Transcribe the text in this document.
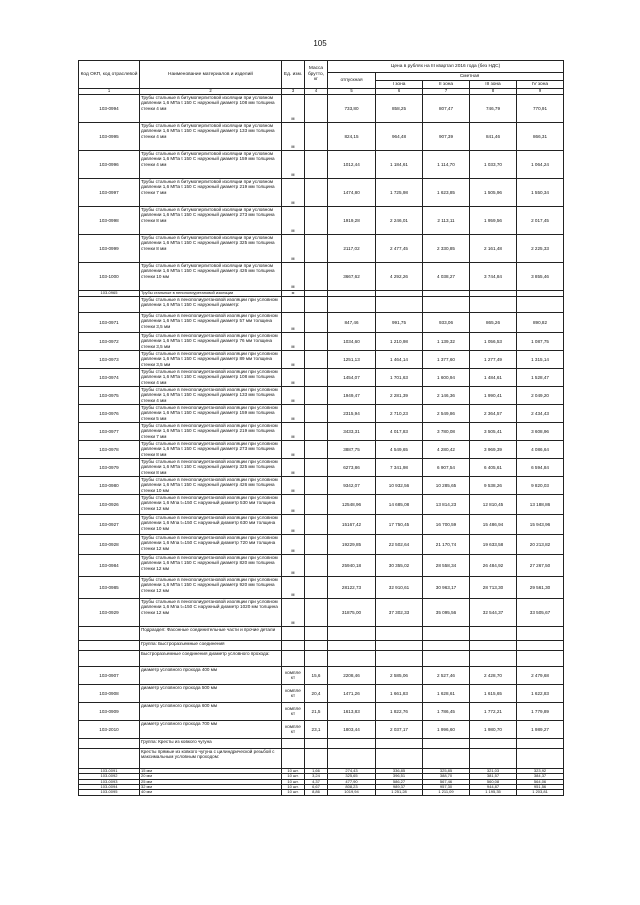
105
Код ОКП, код отраслевой	Наименование материалов и изделий	Ед. изм.	Масса брутто, кг	Цена в рублях на III квартал 2016 года (без НДС)				
				отпускная	Сметная			
					I зона	II зона	III зона	IV зона
1	2	3	4	5	6	7	8	9
103-0994	Трубы стальные в битумоперлитовой изоляции при условном давлении 1,6 МПа t 150 С наружный диаметр 108 мм толщина стенки 4 мм	м		733,80	858,25	807,47	746,79	770,91
103-0995	Трубы стальные в битумоперлитовой изоляции при условном давлении 1,6 МПа t 150 С наружный диаметр 133 мм толщина стенки 4 мм	м		824,15	964,48	907,39	841,46	866,31
103-0996	Трубы стальные в битумоперлитовой изоляции при условном давлении 1,6 МПа t 150 С наружный диаметр 159 мм толщина стенки 4 мм	м		1012,44	1 184,61	1 114,70	1 033,70	1 064,24
103-0997	Трубы стальные в битумоперлитовой изоляции при условном давлении 1,6 МПа t 150 С наружный диаметр 219 мм толщина стенки 7 мм	м		1474,80	1 725,98	1 623,85	1 505,96	1 550,34
103-0998	Трубы стальные в битумоперлитовой изоляции при условном давлении 1,6 МПа t 150 С наружный диаметр 273 мм толщина стенки 8 мм	м		1919,28	2 246,01	2 113,11	1 959,56	2 017,45
103-0999	Трубы стальные в битумоперлитовой изоляции при условном давлении 1,6 МПа t 150 С наружный диаметр 325 мм толщина стенки 8 мм	м		2117,02	2 477,45	2 330,85	2 161,48	2 225,33
103-1000	Трубы стальные в битумоперлитовой изоляции при условном давлении 1,6 МПа t 150 С наружный диаметр 426 мм толщина стенки 10 мм	м		3667,62	4 292,26	4 038,27	3 744,84	3 855,46
103-0965	Трубы стальные в пенополиуретановой изоляции	м						
	Трубы стальные в пенополиуретановой изоляции при условном давлении 1,6 МПа t 150 С наружный диаметр:							
103-0971	Трубы стальные в пенополиуретановой изоляции при условном давлении 1,6 МПа t 150 С наружный диаметр 57 мм толщина стенки 3,5 мм	м		847,46	991,75	933,06	865,26	890,82
103-0972	Трубы стальные в пенополиуретановой изоляции при условном давлении 1,6 МПа t 150 С наружный диаметр 76 мм толщина стенки 3,5 мм	м		1034,60	1 210,98	1 139,32	1 056,53	1 087,75
103-0973	Трубы стальные в пенополиуретановой изоляции при условном давлении 1,6 МПа t 150 С наружный диаметр 89 мм толщина стенки 3,5 мм	м		1251,13	1 464,14	1 377,60	1 277,49	1 315,14
103-0974	Трубы стальные в пенополиуретановой изоляции при условном давлении 1,6 МПа t 150 С наружный диаметр 108 мм толщина стенки 4 мм	м		1454,07	1 701,63	1 600,94	1 484,61	1 528,47
103-0975	Трубы стальные в пенополиуретановой изоляции при условном давлении 1,6 МПа t 150 С наружный диаметр 133 мм толщина стенки 4 мм	м		1949,47	2 281,39	2 146,36	1 990,41	2 049,20
103-0976	Трубы стальные в пенополиуретановой изоляции при условном давлении 1,6 МПа t 150 С наружный диаметр 159 мм толщина стенки 5 мм	м		2315,94	2 710,23	2 549,86	2 364,57	2 434,43
103-0977	Трубы стальные в пенополиуретановой изоляции при условном давлении 1,6 МПа t 150 С наружный диаметр 219 мм толщина стенки 7 мм	м		3433,31	4 017,83	3 780,08	3 505,41	3 608,96
103-0978	Трубы стальные в пенополиуретановой изоляции при условном давлении 1,6 МПа t 150 С наружный диаметр 273 мм толщина стенки 8 мм	м		3887,75	4 549,65	4 280,42	3 969,39	4 086,64
103-0979	Трубы стальные в пенополиуретановой изоляции при условном давлении 1,6 МПа t 150 С наружный диаметр 325 мм толщина стенки 8 мм	м		6273,86	7 341,98	6 907,54	6 405,61	6 594,84
103-0980	Трубы стальные в пенополиуретановой изоляции при условном давлении 1,6 МПа t 150 С наружный диаметр 426 мм толщина стенки 10 мм	м		9342,07	10 932,56	10 285,65	9 538,26	9 820,03
103-0926	Трубы стальные в пенополиуретановой изоляции при условном давлении 1,6 Мпа t=150 С наружный диаметр 530 мм толщина стенки 12 мм	м		12548,96	14 685,08	13 814,23	12 810,45	13 188,86
103-0927	Трубы стальные в пенополиуретановой изоляции при условном давлении 1,6 Мпа t=150 С наружный диаметр 630 мм толщина стенки 10 мм	м		15167,42	17 750,45	16 700,59	15 486,94	15 943,96
103-0928	Трубы стальные в пенополиуретановой изоляции при условном давлении 1,6 Мпа t=150 С наружный диаметр 720 мм толщина стенки 12 мм	м		19229,85	22 502,64	21 170,74	19 633,58	20 213,82
103-0984	Трубы стальные в пенополиуретановой изоляции при условном давлении 1,6 МПа t 150 С наружный диаметр 820 мм толщина стенки 12 мм	м		25940,18	30 355,02	28 558,34	26 484,92	27 267,50
103-0985	Трубы стальные в пенополиуретановой изоляции при условном давлении 1,6 МПа t 150 С наружный диаметр 920 мм толщина стенки 12 мм	м		28122,73	32 910,61	30 963,17	28 713,30	29 561,30
103-0929	Трубы стальные в пенополиуретановой изоляции при условном давлении 1,6 Мпа t=150 С наружный диаметр 1020 мм толщина стенки 12 мм	м		31875,00	37 302,33	35 095,56	32 544,37	33 505,67
	Подраздел: Фасонные соединительные части и прочие детали							
	Группа: Быстроразъемные соединения							
	Быстроразъемные соединения диаметр условного прохода:							
103-0907	диаметр условного прохода 400 мм	компле кт	15,6	2208,46	2 585,06	2 527,46	2 428,70	2 479,68
103-0908	диаметр условного прохода 500 мм	компле кт	20,4	1471,26	1 661,83	1 628,61	1 615,65	1 622,83
103-0909	диаметр условного прохода 600 мм	компле кт	21,5	1613,83	1 822,76	1 786,45	1 772,21	1 779,89
103-2010	диаметр условного прохода 700 мм	компле кт	23,1	1803,44	2 037,17	1 996,60	1 980,70	1 989,27
	Группа: Кресты из ковкого чугуна							
	Кресты прямые из ковкого чугуна с цилиндрической резьбой с максимальным условным проходом:							
103-0091	15 мм	10 шт.	1,66	274,43	336,85	325,85	321,03	323,92
103-0092	20 мм	10 шт.	3,24	325,65	396,51	388,70	381,57	384,37
103-0093	25 мм	10 шт.	4,37	477,90	586,27	567,46	560,08	564,06
103-0094	32 мм	10 шт.	6,67	808,23	989,37	957,30	944,87	951,56
103-0095	40 мм	10 шт.	8,86	1019,94	1 251,28	1 211,09	1 195,35	1 203,81
